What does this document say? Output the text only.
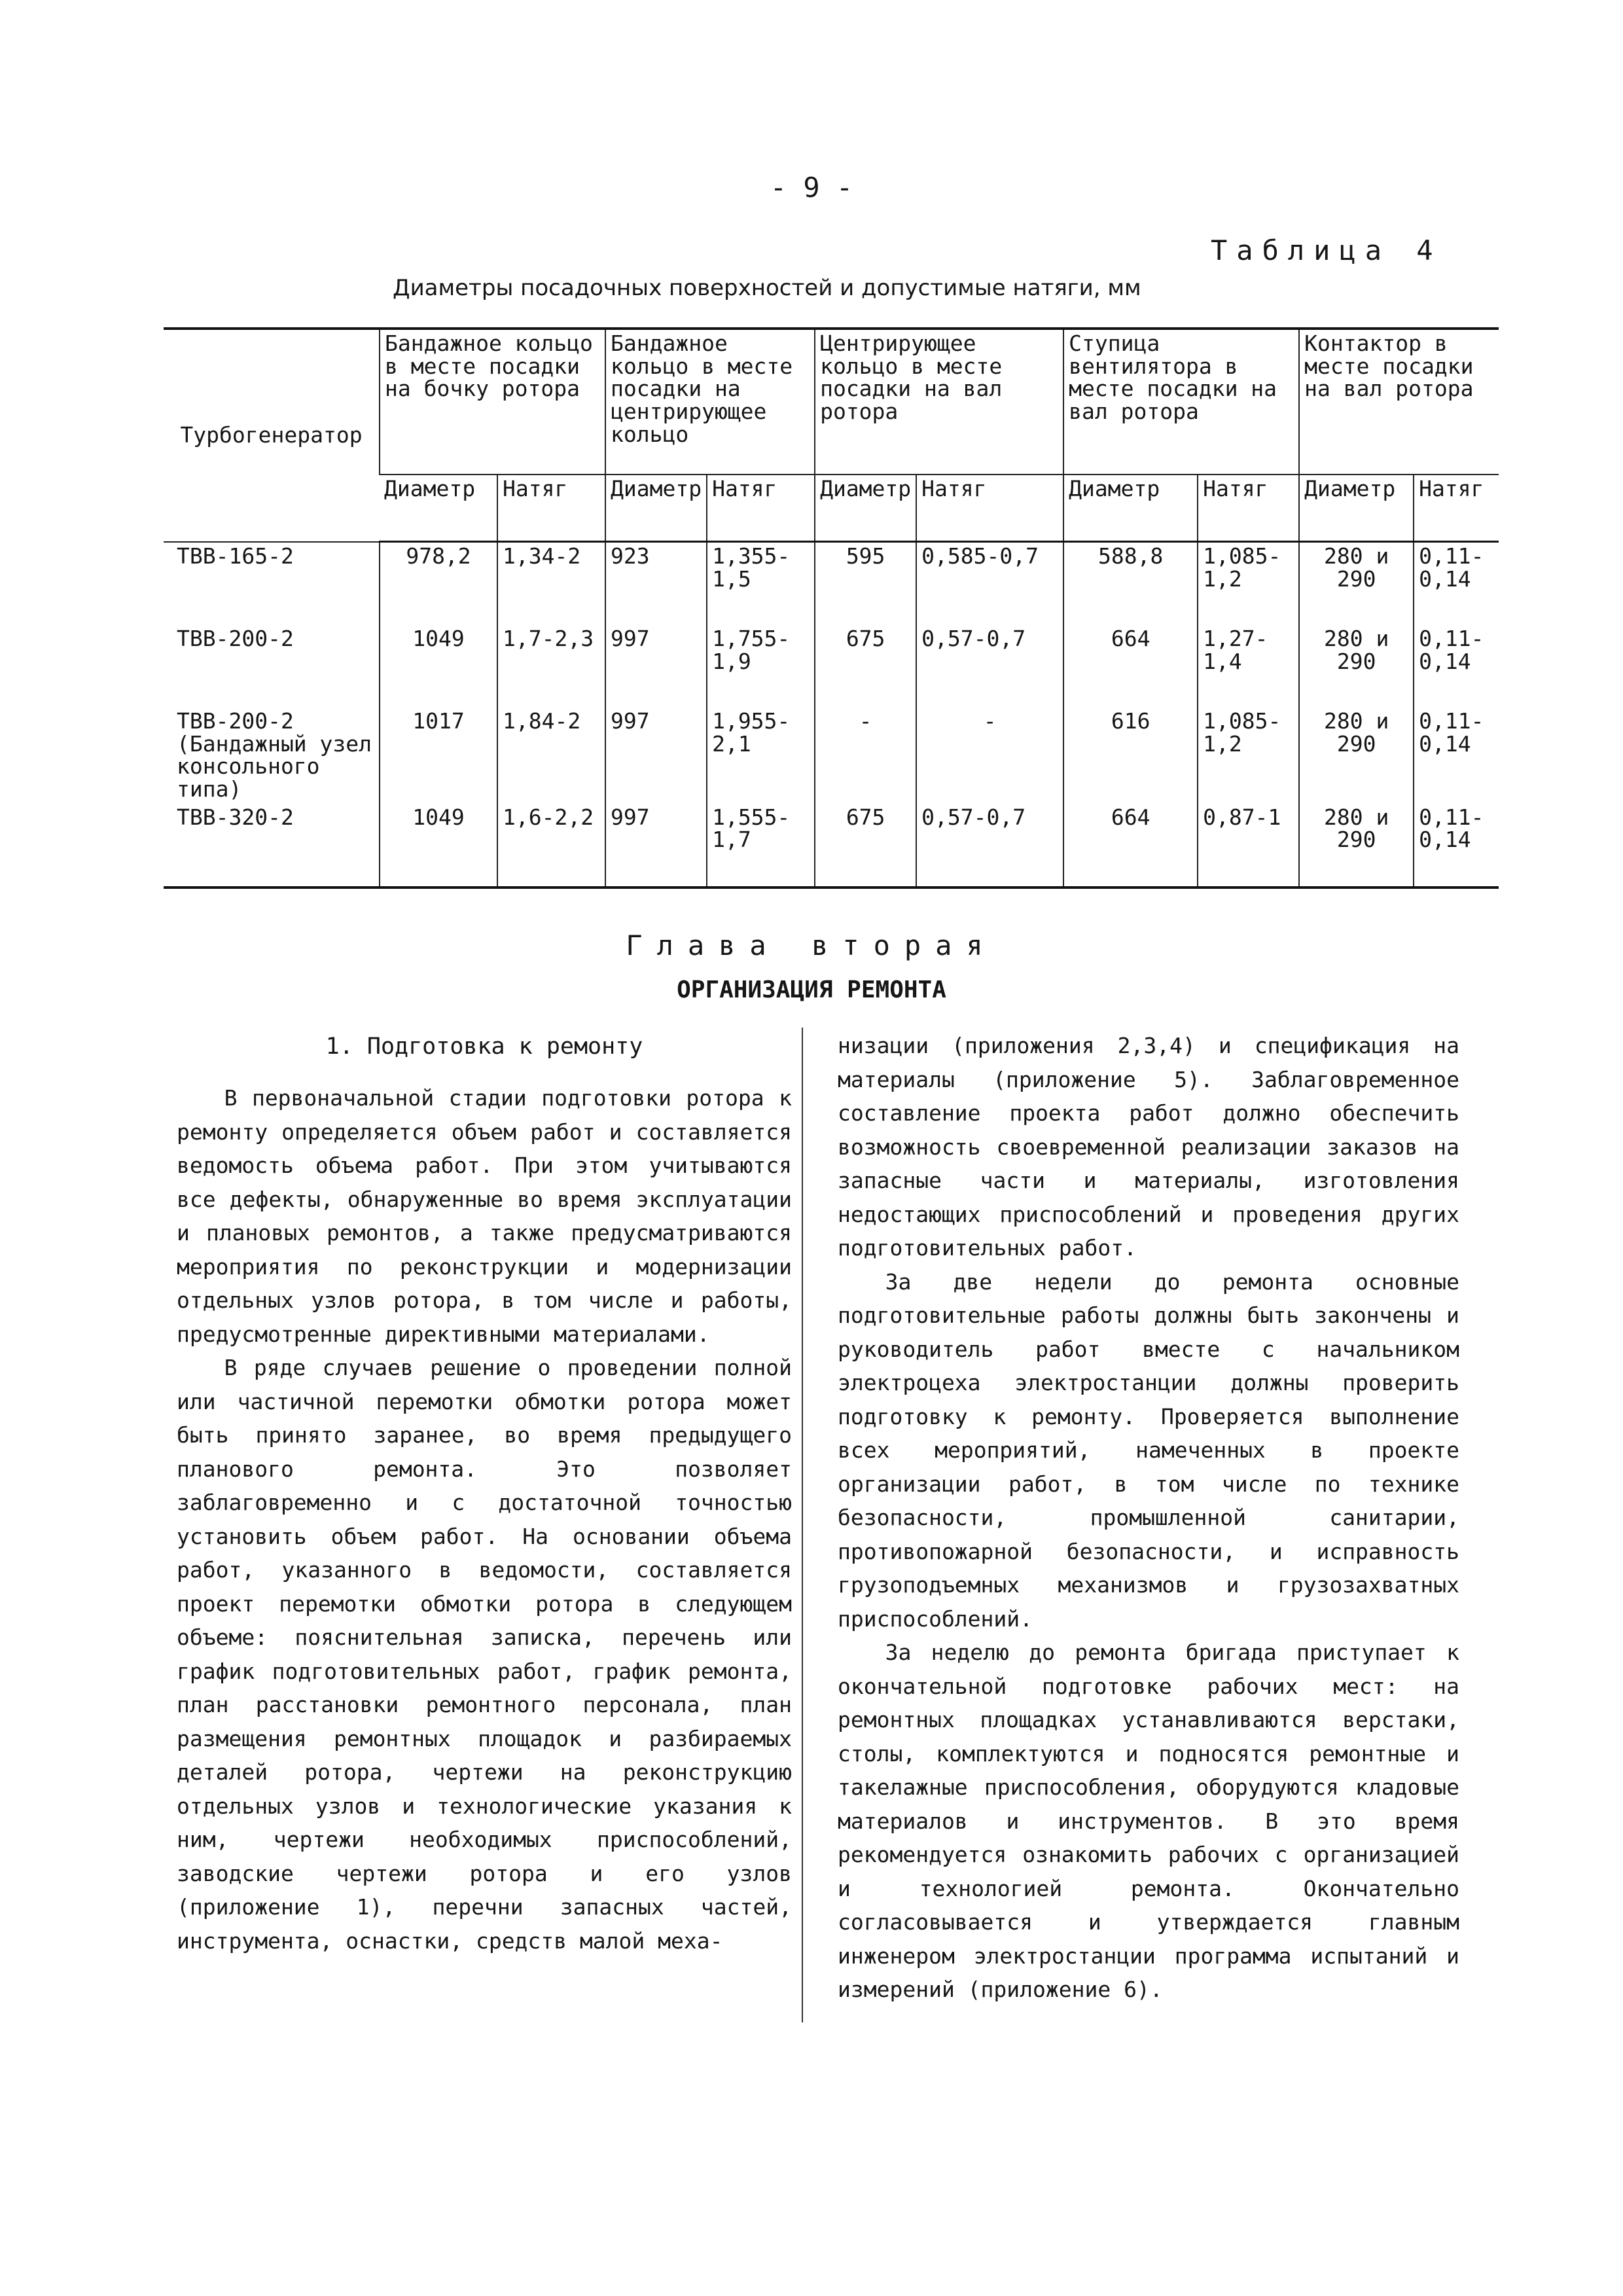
- 9 -
Таблица 4
Диаметры посадочных поверхностей и допустимые натяги, мм
Турбогенератор	Бандажное кольцо в месте посадки на бочку ротора		Бандажное кольцо в месте посадки на центрирующее кольцо		Центрирующее кольцо в месте посадки на вал ротора		Ступица вентилятора в месте посадки на вал ротора		Контактор в месте посадки на вал ротора	
	Диаметр	Натяг	Диаметр	Натяг	Диаметр	Натяг	Диаметр	Натяг	Диаметр	Натяг
ТВВ-165-2	978,2	1,34-2	923	1,355-1,5	595	0,585-0,7	588,8	1,085-1,2	280 и 290	0,11-0,14
ТВВ-200-2	1049	1,7-2,3	997	1,755-1,9	675	0,57-0,7	664	1,27-1,4	280 и 290	0,11-0,14
ТВВ-200-2 (Бандажный узел консольного типа)	1017	1,84-2	997	1,955-2,1	-	-	616	1,085-1,2	280 и 290	0,11-0,14
ТВВ-320-2	1049	1,6-2,2	997	1,555-1,7	675	0,57-0,7	664	0,87-1	280 и 290	0,11-0,14
Глава вторая
ОРГАНИЗАЦИЯ РЕМОНТА
1. Подготовка к ремонту

В первоначальной стадии подготовки ротора к ремонту определяется объем работ и составляется ведомость объема работ. При этом учитываются все дефекты, обнаруженные во время эксплуатации и плановых ремонтов, а также предусматриваются мероприятия по реконструкции и модернизации отдельных узлов ротора, в том числе и работы, предусмотренные директивными материалами.

В ряде случаев решение о проведении полной или частичной перемотки обмотки ротора может быть принято заранее, во время предыдущего планового ремонта. Это позволяет заблаговременно и с достаточной точностью установить объем работ. На основании объема работ, указанного в ведомости, составляется проект перемотки обмотки ротора в следующем объеме: пояснительная записка, перечень или график подготовительных работ, график ремонта, план расстановки ремонтного персонала, план размещения ремонтных площадок и разбираемых деталей ротора, чертежи на реконструкцию отдельных узлов и технологические указания к ним, чертежи необходимых приспособлений, заводские чертежи ротора и его узлов (приложение 1), перечни запасных частей, инструмента, оснастки, средств малой меха-

низации (приложения 2,3,4) и спецификация на материалы (приложение 5). Заблаговременное составление проекта работ должно обеспечить возможность своевременной реализации заказов на запасные части и материалы, изготовления недостающих приспособлений и проведения других подготовительных работ.

За две недели до ремонта основные подготовительные работы должны быть закончены и руководитель работ вместе с начальником электроцеха электростанции должны проверить подготовку к ремонту. Проверяется выполнение всех мероприятий, намеченных в проекте организации работ, в том числе по технике безопасности, промышленной санитарии, противопожарной безопасности, и исправность грузоподъемных механизмов и грузозахватных приспособлений.

За неделю до ремонта бригада приступает к окончательной подготовке рабочих мест: на ремонтных площадках устанавливаются верстаки, столы, комплектуются и подносятся ремонтные и такелажные приспособления, оборудуются кладовые материалов и инструментов. В это время рекомендуется ознакомить рабочих с организацией и технологией ремонта. Окончательно согласовывается и утверждается главным инженером электростанции программа испытаний и измерений (приложение 6).
